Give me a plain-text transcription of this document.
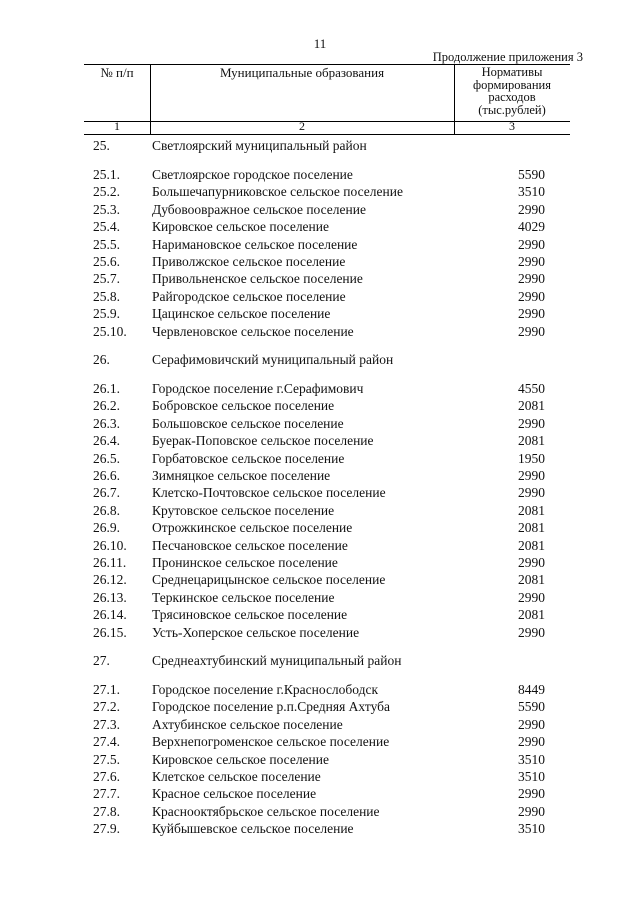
11
Продолжение приложения 3
№ п/п	Муниципальные образования	Нормативы формирования расходов (тыс.рублей)
1	2	3
25.	Светлоярский муниципальный район
25.1. Светлоярское городское поселение	5590
25.2. Большечапурниковское сельское поселение	3510
25.3. Дубовоовражное сельское поселение	2990
25.4. Кировское сельское поселение	4029
25.5. Наримановское сельское поселение	2990
25.6. Приволжское сельское поселение	2990
25.7. Привольненское сельское поселение	2990
25.8. Райгородское сельское поселение	2990
25.9. Цацинское сельское поселение	2990
25.10. Червленовское сельское поселение	2990
26.	Серафимовичский муниципальный район
26.1. Городское поселение г.Серафимович	4550
26.2. Бобровское сельское поселение	2081
26.3. Большовское сельское поселение	2990
26.4. Буерак-Поповское сельское поселение	2081
26.5. Горбатовское сельское поселение	1950
26.6. Зимняцкое сельское поселение	2990
26.7. Клетско-Почтовское сельское поселение	2990
26.8. Крутовское сельское поселение	2081
26.9. Отрожкинское сельское поселение	2081
26.10. Песчановское сельское поселение	2081
26.11. Пронинское сельское поселение	2990
26.12. Среднецарицынское сельское поселение	2081
26.13. Теркинское сельское поселение	2990
26.14. Трясиновское сельское поселение	2081
26.15. Усть-Хоперское сельское поселение	2990
27.	Среднеахтубинский муниципальный район
27.1. Городское поселение г.Краснослободск	8449
27.2. Городское поселение р.п.Средняя Ахтуба	5590
27.3. Ахтубинское сельское поселение	2990
27.4. Верхнепогроменское сельское поселение	2990
27.5. Кировское сельское поселение	3510
27.6. Клетское сельское поселение	3510
27.7. Красное сельское поселение	2990
27.8. Краснооктябрьское сельское поселение	2990
27.9. Куйбышевское сельское поселение	3510
